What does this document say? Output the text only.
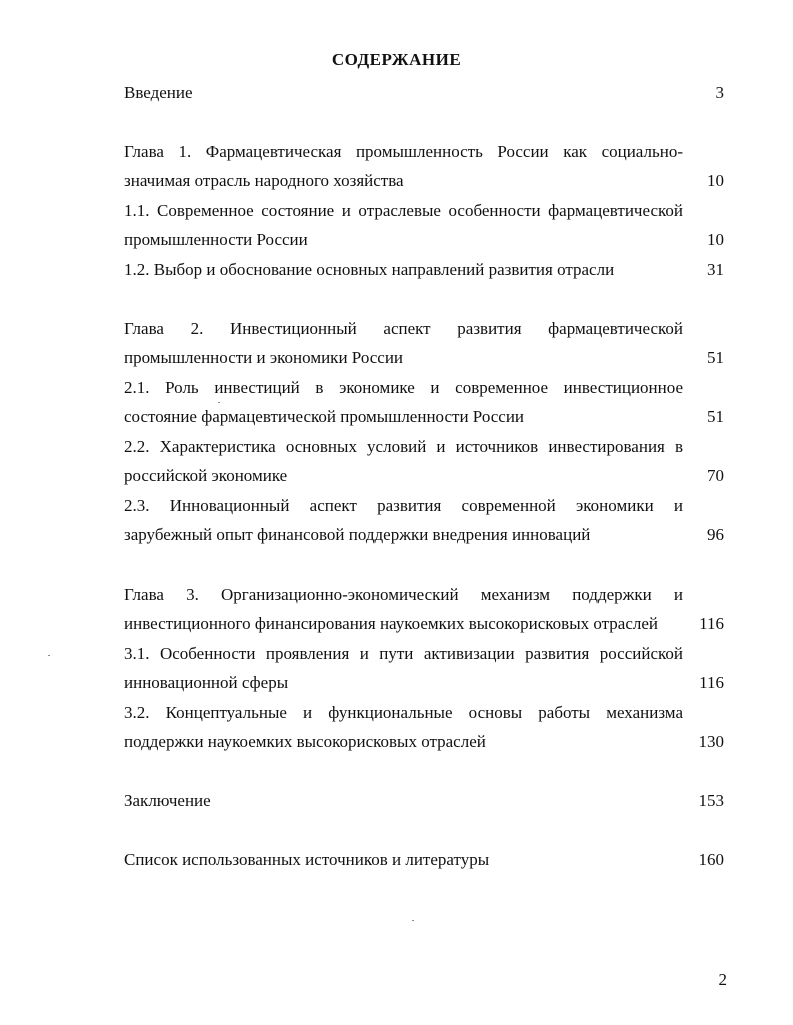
СОДЕРЖАНИЕ
Введение	3
Глава 1. Фармацевтическая промышленность России как социально-
значимая отрасль народного хозяйства	10
1.1. Современное состояние и отраслевые особенности фармацевтической
промышленности России	10
1.2. Выбор и обоснование основных направлений развития отрасли	31
Глава 2. Инвестиционный аспект развития фармацевтической
промышленности и экономики России	51
2.1. Роль инвестиций в экономике и современное инвестиционное
состояние фармацевтической промышленности России	51
2.2. Характеристика основных условий и источников инвестирования в
российской экономике	70
2.3. Инновационный аспект развития современной экономики и
зарубежный опыт финансовой поддержки внедрения инноваций	96
Глава 3. Организационно-экономический механизм поддержки и
инвестиционного финансирования наукоемких высокорисковых отраслей	116
3.1. Особенности проявления и пути активизации развития российской
инновационной сферы	116
3.2. Концептуальные и функциональные основы работы механизма
поддержки наукоемких высокорисковых отраслей	130
Заключение	153
Список использованных источников и литературы	160
2
